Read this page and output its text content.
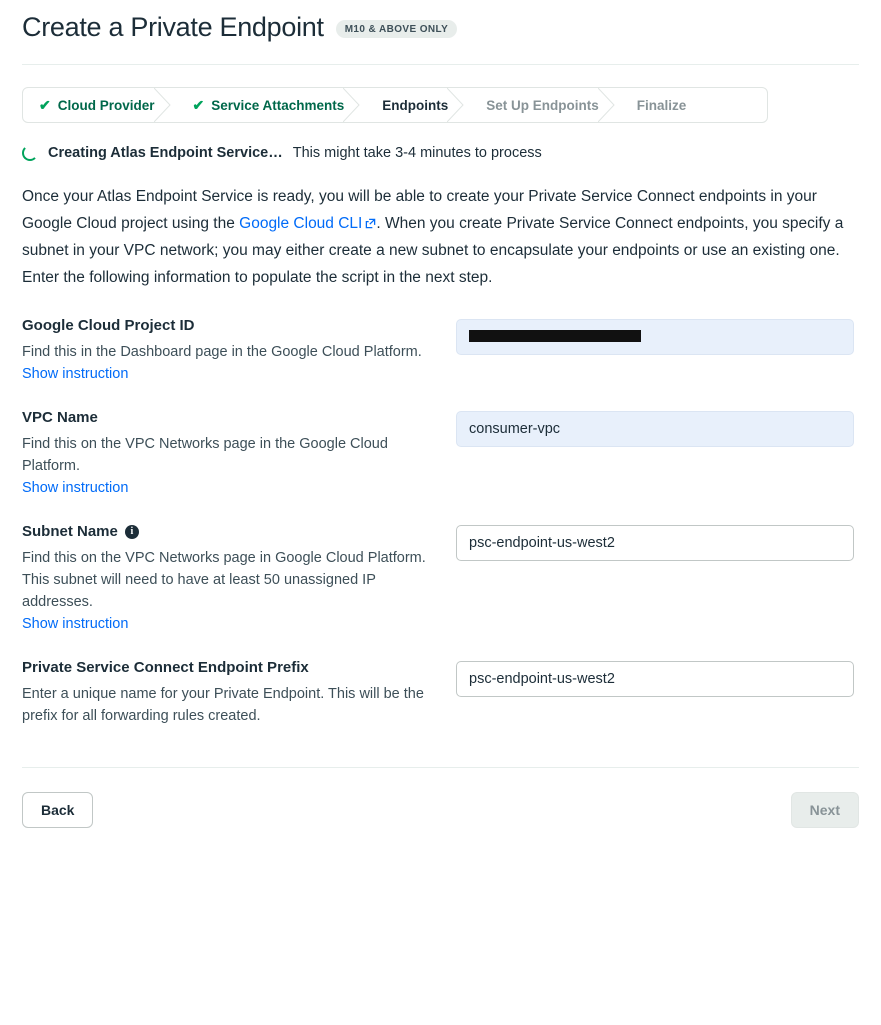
Create a Private Endpoint	M10 & ABOVE ONLY
✔ Cloud Provider	✔ Service Attachments	Endpoints	Set Up Endpoints	Finalize
Creating Atlas Endpoint Service… This might take 3-4 minutes to process
Once your Atlas Endpoint Service is ready, you will be able to create your Private Service Connect endpoints in your Google Cloud project using the Google Cloud CLI . When you create Private Service Connect endpoints, you specify a subnet in your VPC network; you may either create a new subnet to encapsulate your endpoints or use an existing one. Enter the following information to populate the script in the next step.
Google Cloud Project ID
Find this in the Dashboard page in the Google Cloud Platform.
Show instruction
VPC Name
Find this on the VPC Networks page in the Google Cloud Platform.
Show instruction
consumer-vpc
Subnet Name	i
Find this on the VPC Networks page in Google Cloud Platform. This subnet will need to have at least 50 unassigned IP addresses.
Show instruction
psc-endpoint-us-west2
Private Service Connect Endpoint Prefix
Enter a unique name for your Private Endpoint. This will be the prefix for all forwarding rules created.
psc-endpoint-us-west2
Back	Next
